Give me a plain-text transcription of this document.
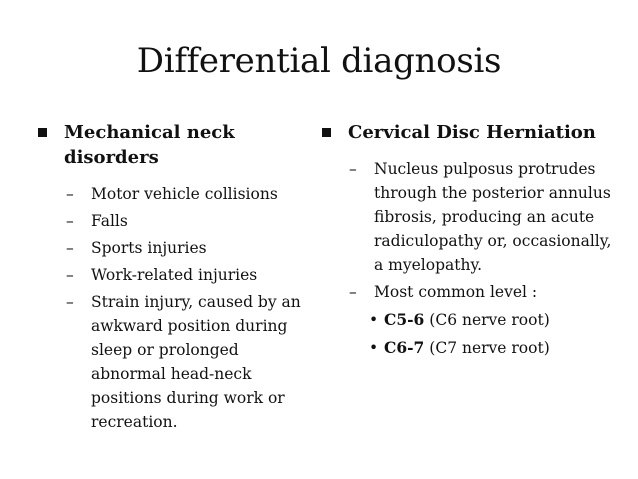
Differential diagnosis
Mechanical neck disorders
– Motor vehicle collisions
– Falls
– Sports injuries
– Work-related injuries
– Strain injury, caused by an awkward position during sleep or prolonged abnormal head-neck positions during work or recreation.
Cervical Disc Herniation
– Nucleus pulposus protrudes through the posterior annulus fibrosis, producing an acute radiculopathy or, occasionally, a myelopathy.
– Most common level :
• C5-6 (C6 nerve root)
• C6-7 (C7 nerve root)
